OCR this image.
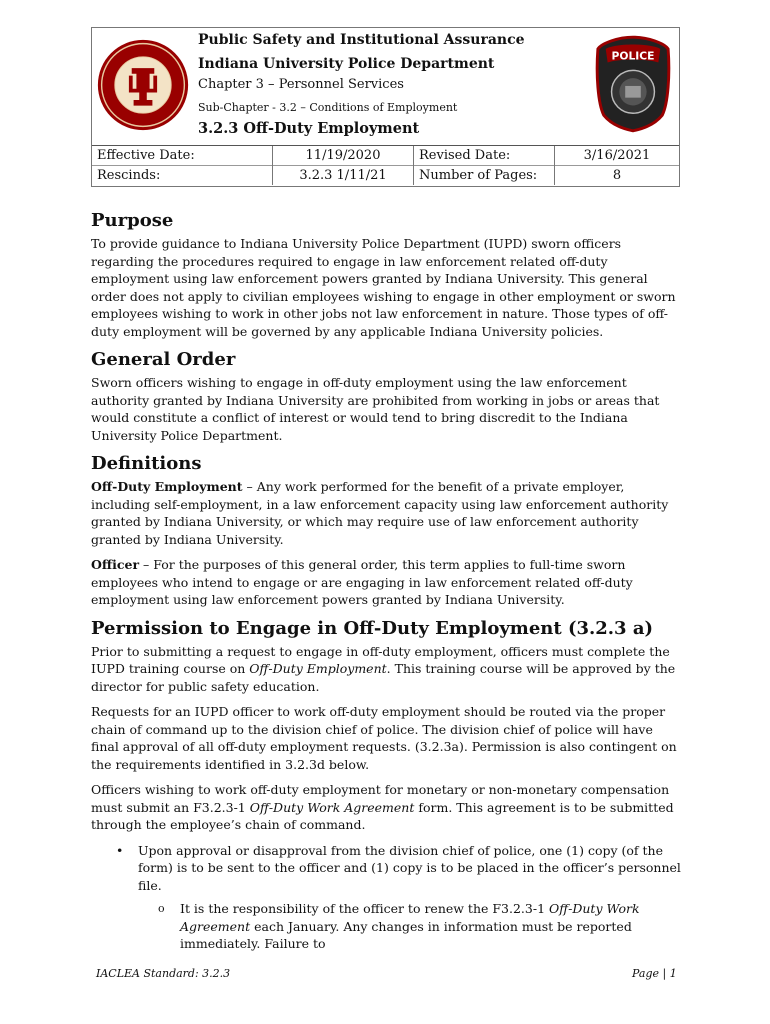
Public Safety and Institutional Assurance
Indiana University Police Department
Chapter 3 – Personnel Services
Sub-Chapter - 3.2 – Conditions of Employment
3.2.3 Off-Duty Employment
POLICE
Effective Date:	11/19/2020	Revised Date:	3/16/2021
Rescinds:	3.2.3 1/11/21	Number of Pages:	8
Purpose

To provide guidance to Indiana University Police Department (IUPD) sworn officers regarding the procedures required to engage in law enforcement related off-duty employment using law enforcement powers granted by Indiana University. This general order does not apply to civilian employees wishing to engage in other employment or sworn employees wishing to work in other jobs not law enforcement in nature. Those types of off-duty employment will be governed by any applicable Indiana University policies.

General Order

Sworn officers wishing to engage in off-duty employment using the law enforcement authority granted by Indiana University are prohibited from working in jobs or areas that would constitute a conflict of interest or would tend to bring discredit to the Indiana University Police Department.

Definitions

Off-Duty Employment – Any work performed for the benefit of a private employer, including self-employment, in a law enforcement capacity using law enforcement authority granted by Indiana University, or which may require use of law enforcement authority granted by Indiana University.

Officer – For the purposes of this general order, this term applies to full-time sworn employees who intend to engage or are engaging in law enforcement related off-duty employment using law enforcement powers granted by Indiana University.

Permission to Engage in Off-Duty Employment (3.2.3 a)

Prior to submitting a request to engage in off-duty employment, officers must complete the IUPD training course on Off-Duty Employment. This training course will be approved by the director for public safety education.

Requests for an IUPD officer to work off-duty employment should be routed via the proper chain of command up to the division chief of police. The division chief of police will have final approval of all off-duty employment requests. (3.2.3a). Permission is also contingent on the requirements identified in 3.2.3d below.

Officers wishing to work off-duty employment for monetary or non-monetary compensation must submit an F3.2.3-1 Off-Duty Work Agreement form. This agreement is to be submitted through the employee’s chain of command.

• Upon approval or disapproval from the division chief of police, one (1) copy (of the form) is to be sent to the officer and (1) copy is to be placed in the officer’s personnel file.
o It is the responsibility of the officer to renew the F3.2.3-1 Off-Duty Work Agreement each January. Any changes in information must be reported immediately. Failure to
IACLEA Standard: 3.2.3	Page | 1
